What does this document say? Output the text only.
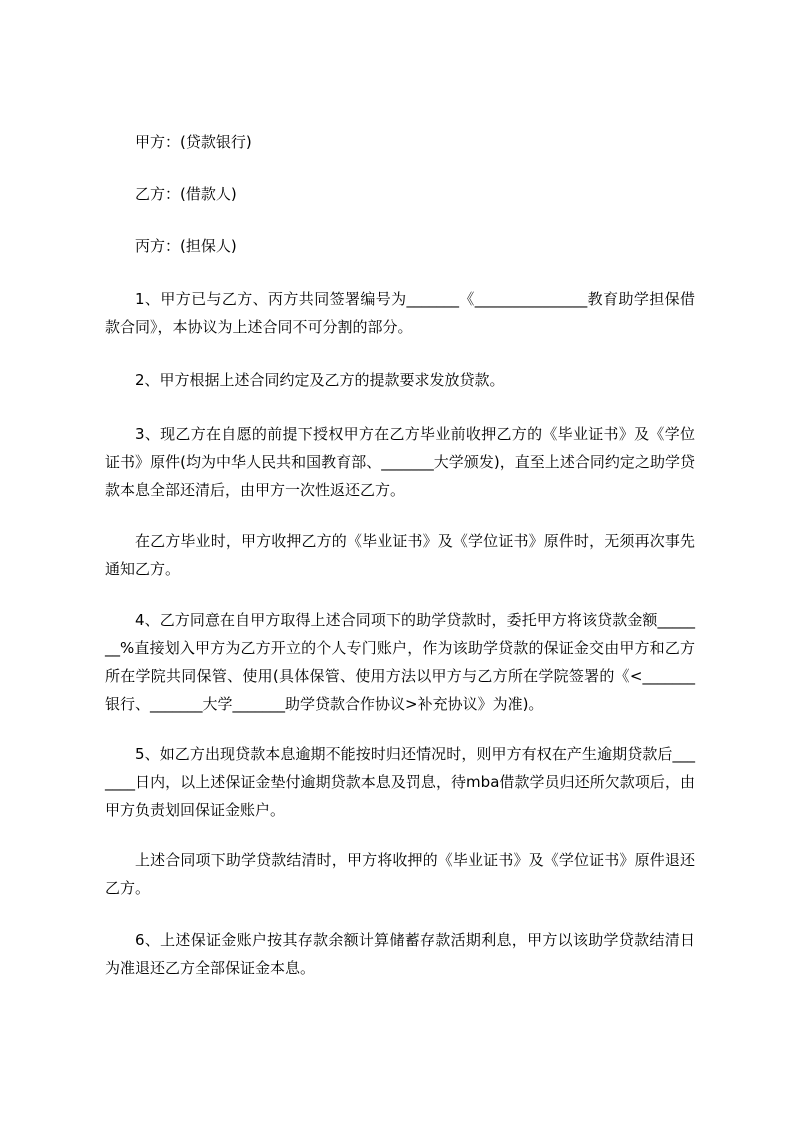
甲方：(贷款银行)

乙方：(借款人)

丙方：(担保人)

1、甲方已与乙方、丙方共同签署编号为_______《_______________教育助学担保借款合同》，本协议为上述合同不可分割的部分。

2、甲方根据上述合同约定及乙方的提款要求发放贷款。

3、现乙方在自愿的前提下授权甲方在乙方毕业前收押乙方的《毕业证书》及《学位证书》原件(均为中华人民共和国教育部、_______大学颁发)，直至上述合同约定之助学贷款本息全部还清后，由甲方一次性返还乙方。

在乙方毕业时，甲方收押乙方的《毕业证书》及《学位证书》原件时，无须再次事先通知乙方。

4、乙方同意在自甲方取得上述合同项下的助学贷款时，委托甲方将该贷款金额_______%直接划入甲方为乙方开立的个人专门账户，作为该助学贷款的保证金交由甲方和乙方所在学院共同保管、使用(具体保管、使用方法以甲方与乙方所在学院签署的《<_______银行、_______大学_______助学贷款合作协议>补充协议》为准)。

5、如乙方出现贷款本息逾期不能按时归还情况时，则甲方有权在产生逾期贷款后_______日内，以上述保证金垫付逾期贷款本息及罚息，待mba借款学员归还所欠款项后，由甲方负责划回保证金账户。

上述合同项下助学贷款结清时，甲方将收押的《毕业证书》及《学位证书》原件退还乙方。

6、上述保证金账户按其存款余额计算储蓄存款活期利息，甲方以该助学贷款结清日为准退还乙方全部保证金本息。
